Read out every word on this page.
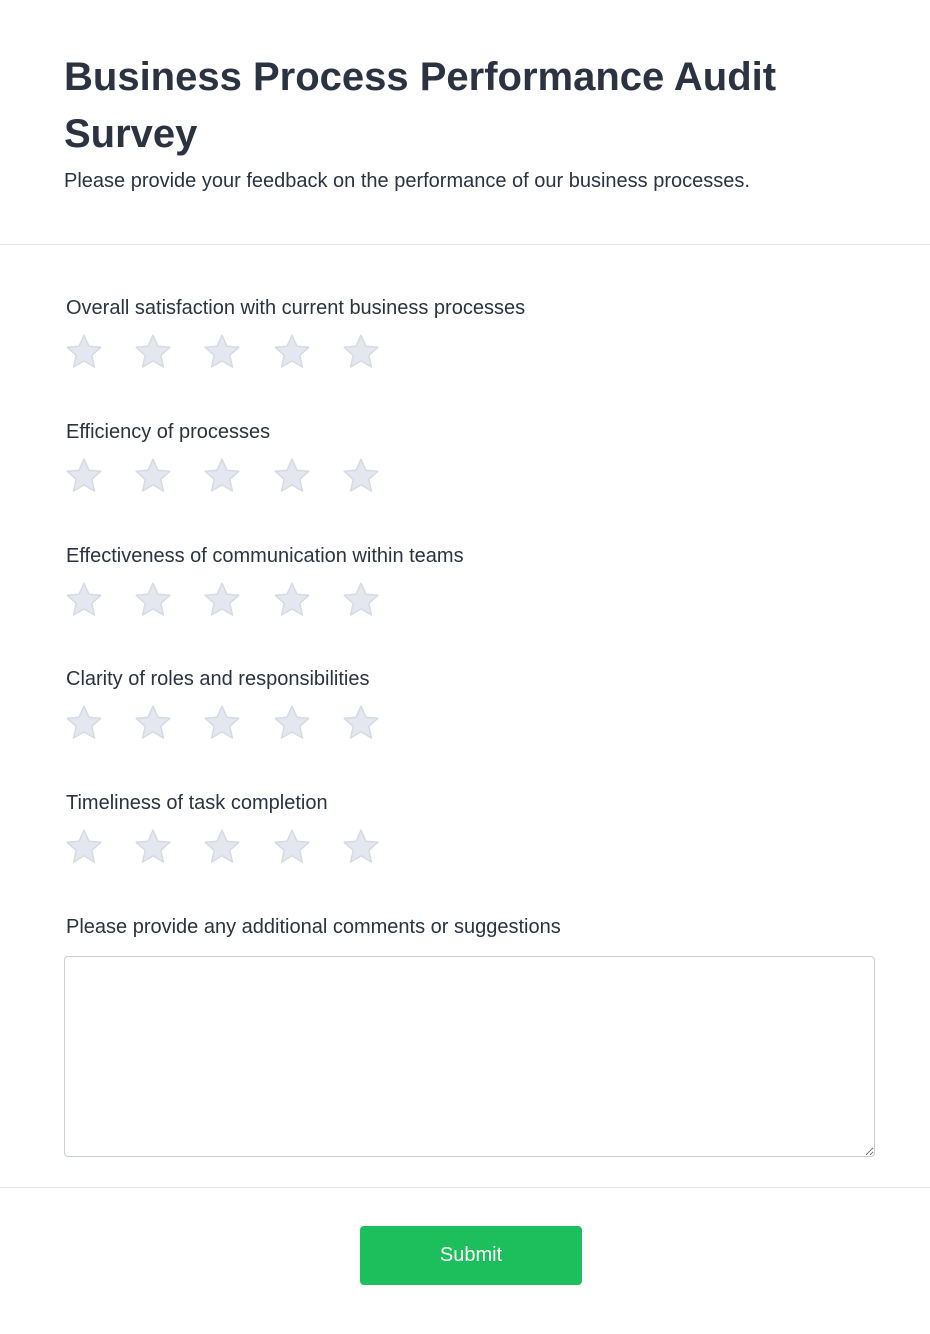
Business Process Performance Audit Survey

Please provide your feedback on the performance of our business processes.

Overall satisfaction with current business processes

Efficiency of processes

Effectiveness of communication within teams

Clarity of roles and responsibilities

Timeliness of task completion

Please provide any additional comments or suggestions

Submit
